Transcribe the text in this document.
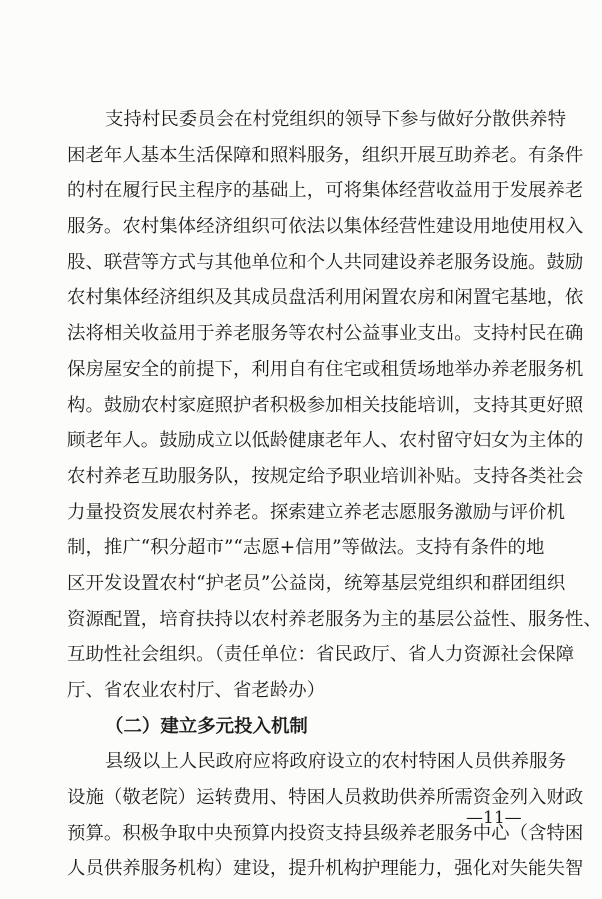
支持村民委员会在村党组织的领导下参与做好分散供养特
困老年人基本生活保障和照料服务，组织开展互助养老。有条件
的村在履行民主程序的基础上，可将集体经营收益用于发展养老
服务。农村集体经济组织可依法以集体经营性建设用地使用权入
股、联营等方式与其他单位和个人共同建设养老服务设施。鼓励
农村集体经济组织及其成员盘活利用闲置农房和闲置宅基地，依
法将相关收益用于养老服务等农村公益事业支出。支持村民在确
保房屋安全的前提下，利用自有住宅或租赁场地举办养老服务机
构。鼓励农村家庭照护者积极参加相关技能培训，支持其更好照
顾老年人。鼓励成立以低龄健康老年人、农村留守妇女为主体的
农村养老互助服务队，按规定给予职业培训补贴。支持各类社会
力量投资发展农村养老。探索建立养老志愿服务激励与评价机
制，推广“积分超市”“志愿+信用”等做法。支持有条件的地
区开发设置农村“护老员”公益岗，统筹基层党组织和群团组织
资源配置，培育扶持以农村养老服务为主的基层公益性、服务性、
互助性社会组织。（责任单位：省民政厅、省人力资源社会保障
厅、省农业农村厅、省老龄办）
（二）建立多元投入机制
县级以上人民政府应将政府设立的农村特困人员供养服务
设施（敬老院）运转费用、特困人员救助供养所需资金列入财政
预算。积极争取中央预算内投资支持县级养老服务中心（含特困
人员供养服务机构）建设，提升机构护理能力，强化对失能失智
—11—
